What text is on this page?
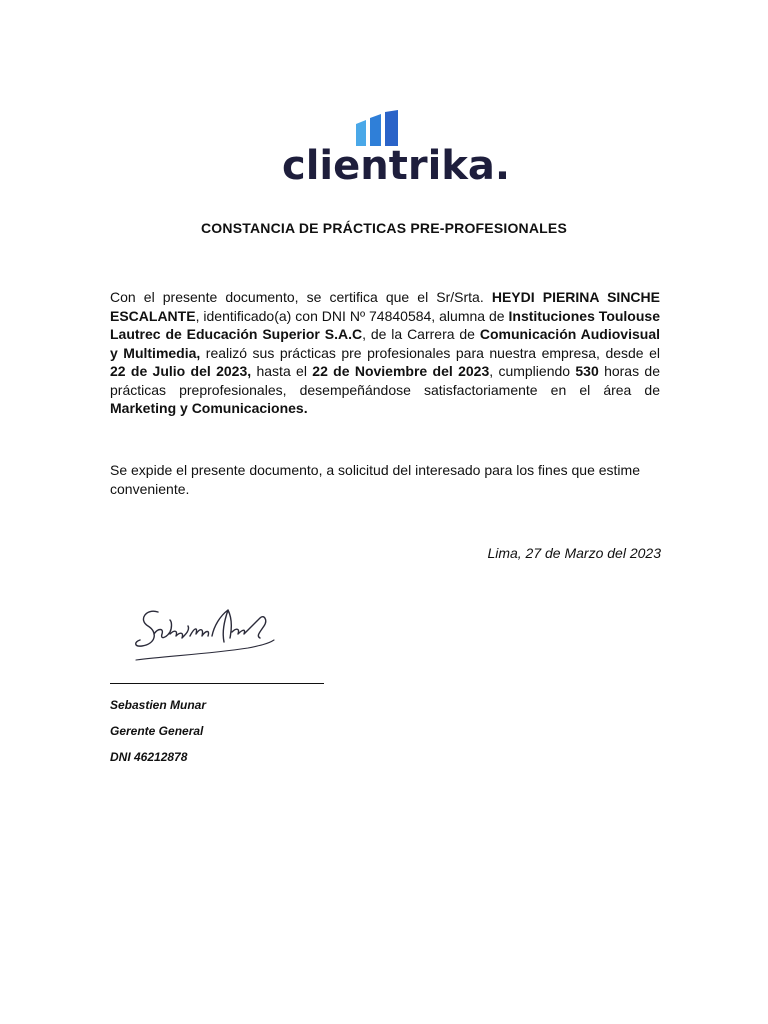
clientrika.
CONSTANCIA DE PRÁCTICAS PRE-PROFESIONALES
Con el presente documento, se certifica que el Sr/Srta. HEYDI PIERINA SINCHE ESCALANTE, identificado(a) con DNI Nº 74840584, alumna de Instituciones Toulouse Lautrec de Educación Superior S.A.C, de la Carrera de Comunicación Audiovisual y Multimedia, realizó sus prácticas pre profesionales para nuestra empresa, desde el 22 de Julio del 2023, hasta el 22 de Noviembre del 2023, cumpliendo 530 horas de prácticas preprofesionales, desempeñándose satisfactoriamente en el área de Marketing y Comunicaciones.
Se expide el presente documento, a solicitud del interesado para los fines que estime conveniente.
Lima, 27 de Marzo del 2023
Sebastien Munar
Gerente General
DNI 46212878
